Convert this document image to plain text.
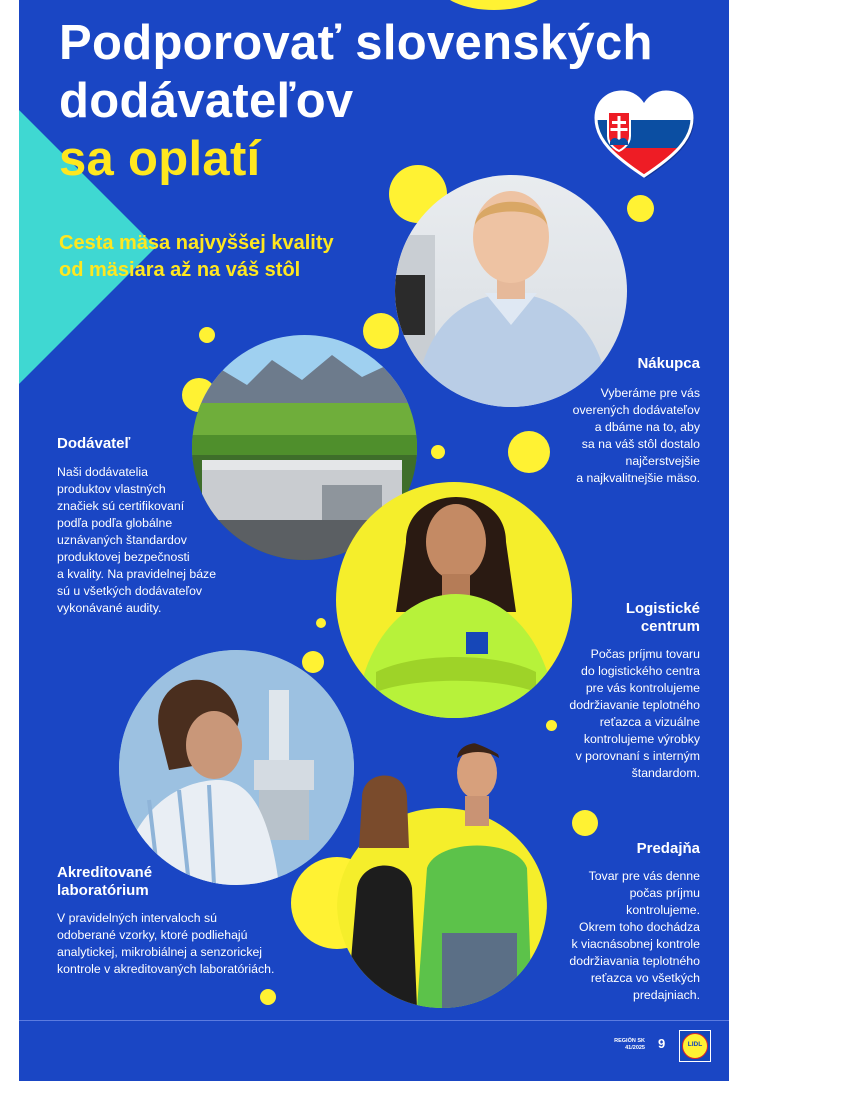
Podporovať slovenských
dodávateľov
sa oplatí
Cesta mäsa najvyššej kvality
od mäsiara až na váš stôl
Nákupca
Vyberáme pre vás
overených dodávateľov
a dbáme na to, aby
sa na váš stôl dostalo
najčerstvejšie
a najkvalitnejšie mäso.
Dodávateľ
Naši dodávatelia
produktov vlastných
značiek sú certifikovaní
podľa podľa globálne
uznávaných štandardov
produktovej bezpečnosti
a kvality. Na pravidelnej báze
sú u všetkých dodávateľov
vykonávané audity.	Logistické
centrum
Počas príjmu tovaru
do logistického centra
pre vás kontrolujeme
dodržiavanie teplotného
reťazca a vizuálne
kontrolujeme výrobky
v porovnaní s interným
štandardom.
Akreditované
laboratórium
V pravidelných intervaloch sú
odoberané vzorky, ktoré podliehajú
analytickej, mikrobiálnej a senzorickej
kontrole v akreditovaných laboratóriách.
Predajňa
Tovar pre vás denne
počas príjmu
kontrolujeme.
Okrem toho dochádza
k viacnásobnej kontrole
dodržiavania teplotného
reťazca vo všetkých
predajniach.
REGIÓN SK
41/2025 9	LIDL
